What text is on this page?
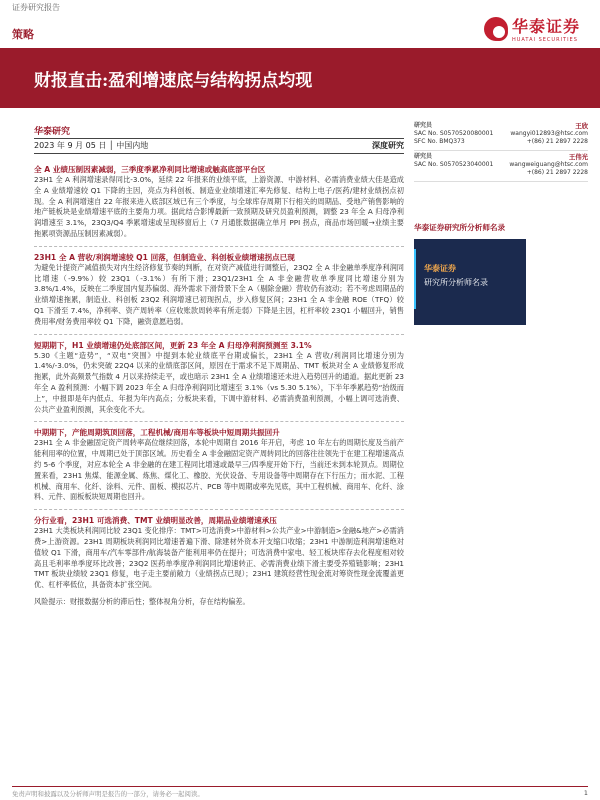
证券研究报告
策略	华泰证券
HUATAI SECURITIES
财报直击:盈利增速底与结构拐点均现
华泰研究
2023 年 9 月 05 日 │ 中国内地	深度研究
全 A 业绩压制因素减弱，三季度季累净利同比增速或触高底部平台区
23H1 全 A 利润增速录得同比-3.0%，延续 22 年报来的业绩平底，上游资源、中游材料、必需消费业绩大佳是造成全 A 业绩增速较 Q1 下降的主因，亮点为科创板、制造业业绩增速汇率先修复、结构上电子/医药/建材业绩拐点初现。全 A 利润增速自 22 年报来进入底部区域已有三个季度，与全球库存周期下行相关的周期品、受地产销售影响的地产链板块是业绩增速平底的主要角力项。据此结合影博最新一致预期及研究员盈利预测，调整 23 年全 A 归母净利润增速至 3.1%，23Q3/Q4 季累增速或呈现移窗后上（7 月通胀数据确立单月 PPI 拐点，商品市场回暖→业绩主要拖累项资源品压制因素减弱）。
23H1 全 A 营收/利润增速较 Q1 回落，但制造业、科创板业绩增速拐点已现
为避免计提资产减值损失对内生经济修复节奏的判断，在对资产减值进行调整后，23Q2 全 A 非金融单季度净利润同比增速（-9.9%）较 23Q1（-3.1%）有所下滑；23Q1/23H1 全 A 非金融营收单季度同比增速分别为 3.8%/1.4%，反映在二季度国内复苏偏弱、海外需求下滑背景下全 A（剔除金融）营收仍有波动；若不考虑周期品的业绩增速拖累，制造业、科创板 23Q2 利润增速已初现拐点，步入修复区间；23H1 全 A 非金融 ROE（TFQ）较 Q1 下滑至 7.4%，净利率、资产周转率（应收账款周转率有所走弱）下降是主因，杠杆率较 23Q1 小幅回升，销售费用率/财务费用率较 Q1 下降，融资意愿趋弱。
短期期下，H1 业绩增速仍处底部区间，更新 23 年全 A 归母净利润预测至 3.1%
5.30《主题“造势”，“双电”突围》中提到本轮业绩底平台期或偏长，23H1 全 A 营收/利润同比增速分别为 1.4%/-3.0%，仍未突破 22Q4 以来的业绩底部区间，原因在于需求不足下周期品、TMT 板块对全 A 业绩修复形成拖累，此外高频景气指数 4 月以来持续走平，或也暗示 23H1 全 A 业绩增速还未进入趋势回升的通道。据此更新 23 年全 A 盈利预测：小幅下调 2023 年全 A 归母净利润同比增速至 3.1%（vs 5.30 5.1%），下半年季累趋势“抬级而上”，中报即是年内低点、年报为年内高点；分板块来看，下调中游材料、必需消费盈利预测，小幅上调可选消费、公共产业盈利预测，其余变化不大。
中期期下，产能周期筑顶回落，工程机械/商用车等板块中短周期共振回升
23H1 全 A 非金融固定资产周转率高位继续回落，本轮中周期自 2016 年开启，考虑 10 年左右的周期长度及当前产能利用率的位置，中周期已处于顶部区域。历史看全 A 非金融固定资产周转同比的回落往往领先于在建工程增速高点约 5-6 个季度，对应本轮全 A 非金融的在建工程同比增速或最早三/四季度开始下行，当前还未到本轮顶点。周期位置来看，23H1 焦煤、能源金属、炼焦、煤化工、橡胶、光伏设备、专用设备等中周期存在下行压力；而水泥、工程机械、商用车、化纤、涂料、元件、面板、模拟芯片、PCB 等中周期或率先见底，其中工程机械、商用车、化纤、涂料、元件、面板板块短周期也回升。
分行业看，23H1 可选消费、TMT 业绩明显改善，周期品业绩增速承压
23H1 大类板块利润同比较 23Q1 变化排序：TMT>可选消费>中游材料>公共产业>中游制造>金融&地产>必需消费>上游资源。23H1 周期板块利润同比增速普遍下滑、除建材外资本开支缩口收缩；23H1 中游制造利润增速绝对值较 Q1 下滑，商用车/汽车零部件/航海装备产能利用率仍在提升；可选消费中家电、轻工板块库存去化程度相对较高且毛利率单季度环比改善；23Q2 医药单季度净利润同比增速转正、必需消费业绩下滑主要受养殖链影响；23H1 TMT 板块业绩较 23Q1 修复，电子走主要前敞力（业绩拐点已现）；23H1 建筑经营性现金流对筹资性现金流覆盖更优、杠杆率低位，具备资本扩张空间。
风险提示：财报数据分析的滞后性；整体视角分析，存在结构偏差。
研究员	王欣
SAC No. S0570520080001	wangyi012893@htsc.com
SFC No. BMQ373	+(86) 21 2897 2228
研究员	王伟光
SAC No. S0570523040001	wangweiguang@htsc.com
+(86) 21 2897 2228
华泰证券研究所分析师名录
华泰证券
研究所分析师名录
免责声明和披露以及分析师声明是报告的一部分，请务必一起阅读。	1
